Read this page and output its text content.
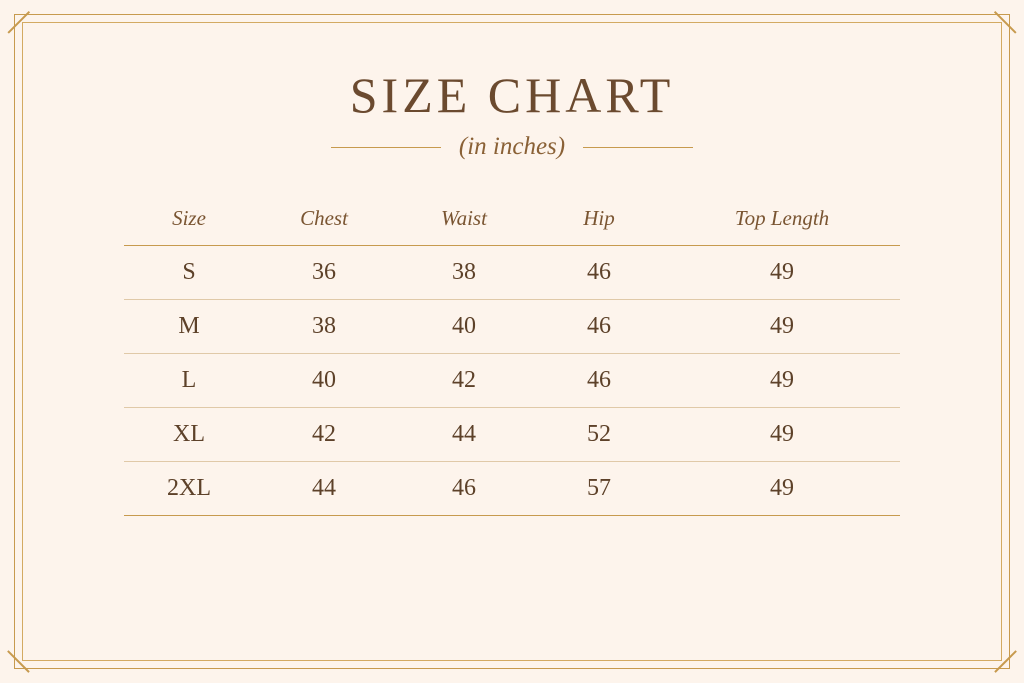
SIZE CHART
(in inches)
Size	Chest	Waist	Hip	Top Length
S	36	38	46	49
M	38	40	46	49
L	40	42	46	49
XL	42	44	52	49
2XL	44	46	57	49
